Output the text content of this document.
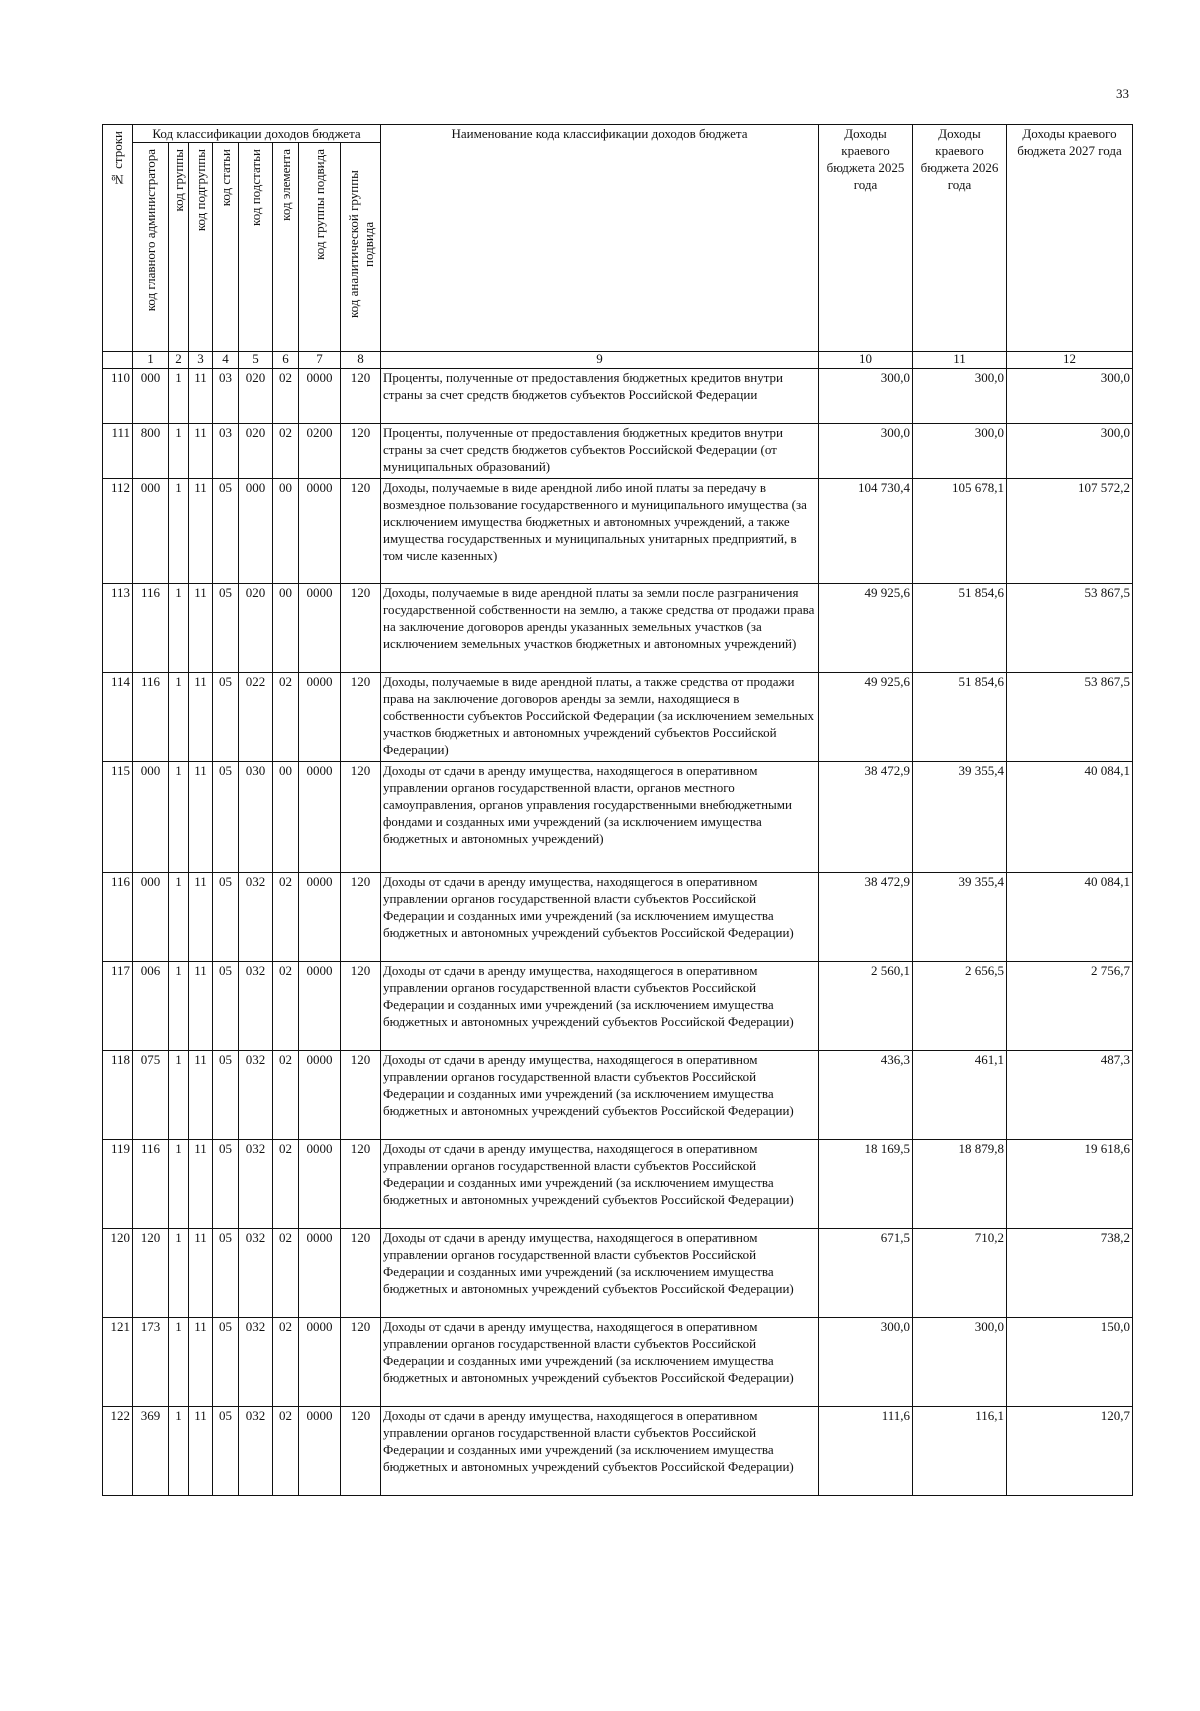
33
№ строки	Код классификации доходов бюджета								Наименование кода классификации доходов бюджета	Доходы краевого бюджета 2025 года	Доходы краевого бюджета 2026 года	Доходы краевого бюджета 2027 года
	код главного администратора	код группы	код подгруппы	код статьи	код подстатьи	код элемента	код группы подвида	код аналитической группы подвида				
	1	2	3	4	5	6	7	8	9	10	11	12
110	000	1	11	03	020	02	0000	120	Проценты, полученные от предоставления бюджетных кредитов внутри страны за счет средств бюджетов субъектов Российской Федерации	300,0	300,0	300,0
111	800	1	11	03	020	02	0200	120	Проценты, полученные от предоставления бюджетных кредитов внутри страны за счет средств бюджетов субъектов Российской Федерации (от муниципальных образований)	300,0	300,0	300,0
112	000	1	11	05	000	00	0000	120	Доходы, получаемые в виде арендной либо иной платы за передачу в возмездное пользование государственного и муниципального имущества (за исключением имущества бюджетных и автономных учреждений, а также имущества государственных и муниципальных унитарных предприятий, в том числе казенных)	104 730,4	105 678,1	107 572,2
113	116	1	11	05	020	00	0000	120	Доходы, получаемые в виде арендной платы за земли после разграничения государственной собственности на землю, а также средства от продажи права на заключение договоров аренды указанных земельных участков (за исключением земельных участков бюджетных и автономных учреждений)	49 925,6	51 854,6	53 867,5
114	116	1	11	05	022	02	0000	120	Доходы, получаемые в виде арендной платы, а также средства от продажи права на заключение договоров аренды за земли, находящиеся в собственности субъектов Российской Федерации (за исключением земельных участков бюджетных и автономных учреждений субъектов Российской Федерации)	49 925,6	51 854,6	53 867,5
115	000	1	11	05	030	00	0000	120	Доходы от сдачи в аренду имущества, находящегося в оперативном управлении органов государственной власти, органов местного самоуправления, органов управления государственными внебюджетными фондами и созданных ими учреждений (за исключением имущества бюджетных и автономных учреждений)	38 472,9	39 355,4	40 084,1
116	000	1	11	05	032	02	0000	120	Доходы от сдачи в аренду имущества, находящегося в оперативном управлении органов государственной власти субъектов Российской Федерации и созданных ими учреждений (за исключением имущества бюджетных и автономных учреждений субъектов Российской Федерации)	38 472,9	39 355,4	40 084,1
117	006	1	11	05	032	02	0000	120	Доходы от сдачи в аренду имущества, находящегося в оперативном управлении органов государственной власти субъектов Российской Федерации и созданных ими учреждений (за исключением имущества бюджетных и автономных учреждений субъектов Российской Федерации)	2 560,1	2 656,5	2 756,7
118	075	1	11	05	032	02	0000	120	Доходы от сдачи в аренду имущества, находящегося в оперативном управлении органов государственной власти субъектов Российской Федерации и созданных ими учреждений (за исключением имущества бюджетных и автономных учреждений субъектов Российской Федерации)	436,3	461,1	487,3
119	116	1	11	05	032	02	0000	120	Доходы от сдачи в аренду имущества, находящегося в оперативном управлении органов государственной власти субъектов Российской Федерации и созданных ими учреждений (за исключением имущества бюджетных и автономных учреждений субъектов Российской Федерации)	18 169,5	18 879,8	19 618,6
120	120	1	11	05	032	02	0000	120	Доходы от сдачи в аренду имущества, находящегося в оперативном управлении органов государственной власти субъектов Российской Федерации и созданных ими учреждений (за исключением имущества бюджетных и автономных учреждений субъектов Российской Федерации)	671,5	710,2	738,2
121	173	1	11	05	032	02	0000	120	Доходы от сдачи в аренду имущества, находящегося в оперативном управлении органов государственной власти субъектов Российской Федерации и созданных ими учреждений (за исключением имущества бюджетных и автономных учреждений субъектов Российской Федерации)	300,0	300,0	150,0
122	369	1	11	05	032	02	0000	120	Доходы от сдачи в аренду имущества, находящегося в оперативном управлении органов государственной власти субъектов Российской Федерации и созданных ими учреждений (за исключением имущества бюджетных и автономных учреждений субъектов Российской Федерации)	111,6	116,1	120,7
